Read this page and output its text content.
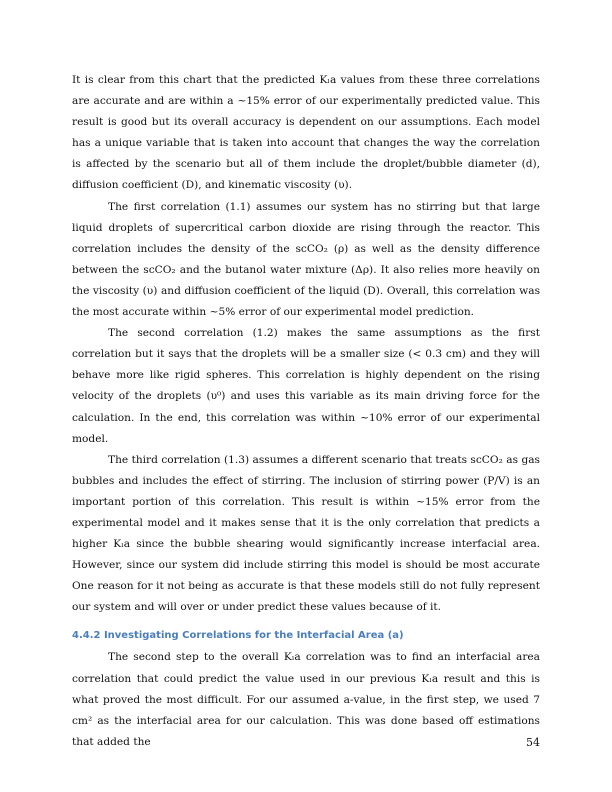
It is clear from this chart that the predicted Kₗa values from these three correlations are accurate and are within a ~15% error of our experimentally predicted value. This result is good but its overall accuracy is dependent on our assumptions. Each model has a unique variable that is taken into account that changes the way the correlation is affected by the scenario but all of them include the droplet/bubble diameter (d), diffusion coefficient (D), and kinematic viscosity (υ).

The first correlation (1.1) assumes our system has no stirring but that large liquid droplets of supercritical carbon dioxide are rising through the reactor. This correlation includes the density of the scCO₂ (ρ) as well as the density difference between the scCO₂ and the butanol water mixture (Δρ). It also relies more heavily on the viscosity (υ) and diffusion coefficient of the liquid (D). Overall, this correlation was the most accurate within ~5% error of our experimental model prediction.

The second correlation (1.2) makes the same assumptions as the first correlation but it says that the droplets will be a smaller size (< 0.3 cm) and they will behave more like rigid spheres. This correlation is highly dependent on the rising velocity of the droplets (υ⁰) and uses this variable as its main driving force for the calculation. In the end, this correlation was within ~10% error of our experimental model.

The third correlation (1.3) assumes a different scenario that treats scCO₂ as gas bubbles and includes the effect of stirring. The inclusion of stirring power (P/V) is an important portion of this correlation. This result is within ~15% error from the experimental model and it makes sense that it is the only correlation that predicts a higher Kₗa since the bubble shearing would significantly increase interfacial area. However, since our system did include stirring this model is should be most accurate One reason for it not being as accurate is that these models still do not fully represent our system and will over or under predict these values because of it.

4.4.2 Investigating Correlations for the Interfacial Area (a)

The second step to the overall Kₗa correlation was to find an interfacial area correlation that could predict the value used in our previous Kₗa result and this is what proved the most difficult. For our assumed a-value, in the first step, we used 7 cm² as the interfacial area for our calculation. This was done based off estimations that added the	54
